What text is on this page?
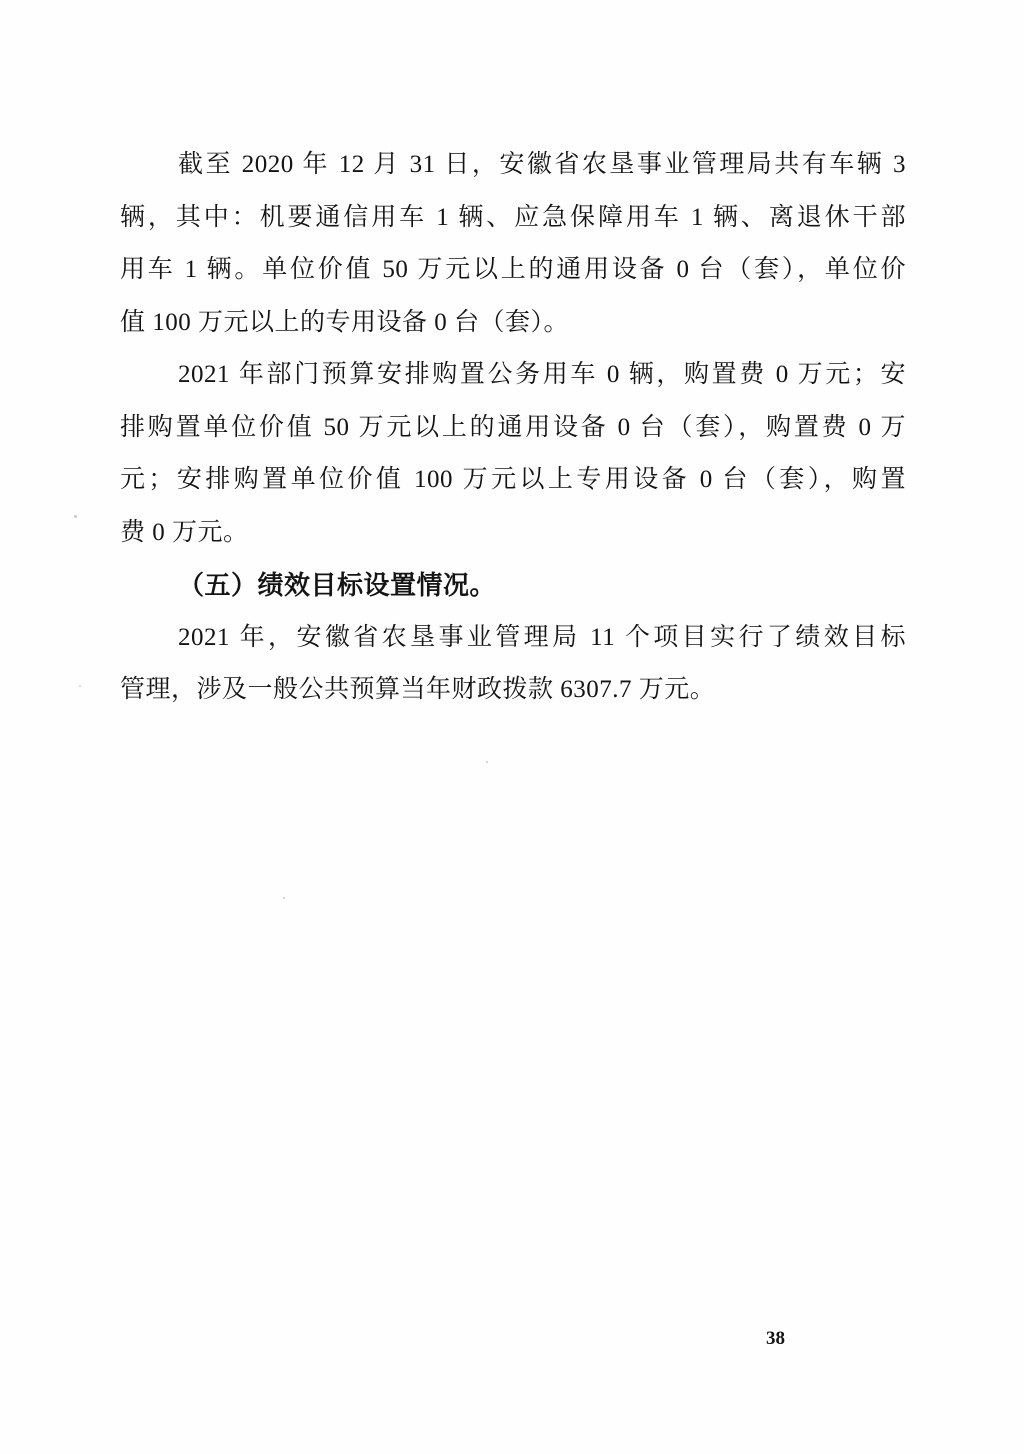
截至 2020 年 12 月 31 日，安徽省农垦事业管理局共有车辆 3

辆，其中：机要通信用车 1 辆、应急保障用车 1 辆、离退休干部

用车 1 辆。单位价值 50 万元以上的通用设备 0 台（套），单位价

值 100 万元以上的专用设备 0 台（套）。

2021 年部门预算安排购置公务用车 0 辆，购置费 0 万元；安

排购置单位价值 50 万元以上的通用设备 0 台（套），购置费 0 万

元；安排购置单位价值 100 万元以上专用设备 0 台（套），购置

费 0 万元。

（五）绩效目标设置情况。

2021 年，安徽省农垦事业管理局 11 个项目实行了绩效目标

管理，涉及一般公共预算当年财政拨款 6307.7 万元。

38
